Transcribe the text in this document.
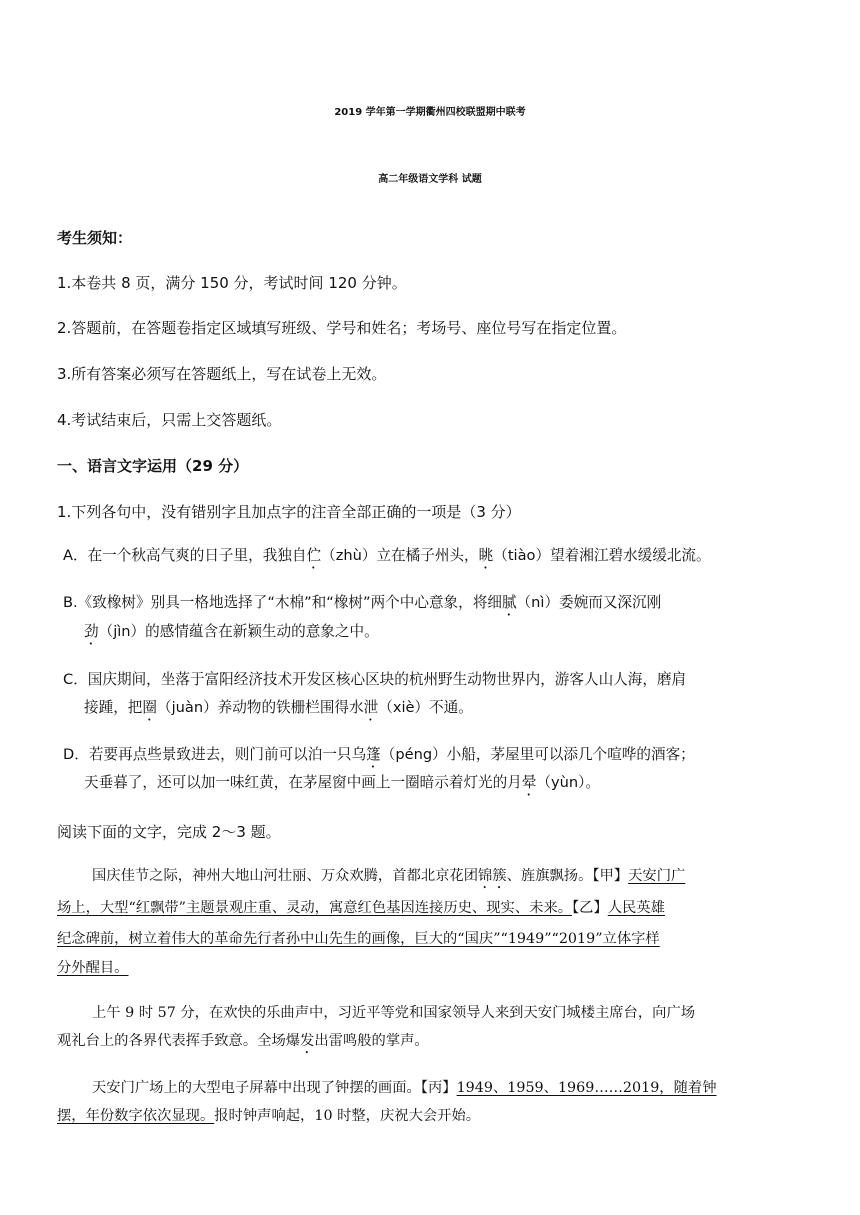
2019 学年第一学期衢州四校联盟期中联考
高二年级语文学科 试题
考生须知：
1.本卷共 8 页，满分 150 分，考试时间 120 分钟。
2.答题前，在答题卷指定区域填写班级、学号和姓名；考场号、座位号写在指定位置。
3.所有答案必须写在答题纸上，写在试卷上无效。
4.考试结束后，只需上交答题纸。
一、语言文字运用（29 分）
1.下列各句中，没有错别字且加点字的注音全部正确的一项是（3 分）
A．在一个秋高气爽的日子里，我独自伫（zhù）立在橘子州头，眺（tiào）望着湘江碧水缓缓北流。
B.《致橡树》别具一格地选择了“木棉”和“橡树”两个中心意象，将细腻（nì）委婉而又深沉刚
劲（jìn）的感情蕴含在新颖生动的意象之中。
C．国庆期间，坐落于富阳经济技术开发区核心区块的杭州野生动物世界内，游客人山人海，磨肩
接踵，把圈（juàn）养动物的铁栅栏围得水泄（xiè）不通。
D．若要再点些景致进去，则门前可以泊一只乌篷（péng）小船，茅屋里可以添几个喧哗的酒客；
天垂暮了，还可以加一味红黄，在茅屋窗中画上一圈暗示着灯光的月晕（yùn）。
阅读下面的文字，完成 2～3 题。
国庆佳节之际，神州大地山河壮丽、万众欢腾，首都北京花团锦簇、旌旗飘扬。【甲】天安门广
场上，大型“红飘带”主题景观庄重、灵动，寓意红色基因连接历史、现实、未来。【乙】人民英雄
纪念碑前，树立着伟大的革命先行者孙中山先生的画像，巨大的“国庆”“1949”“2019”立体字样
分外醒目。
上午 9 时 57 分，在欢快的乐曲声中，习近平等党和国家领导人来到天安门城楼主席台，向广场
观礼台上的各界代表挥手致意。全场爆发出雷鸣般的掌声。
天安门广场上的大型电子屏幕中出现了钟摆的画面。【丙】1949、1959、1969……2019，随着钟
摆，年份数字依次显现。报时钟声响起，10 时整，庆祝大会开始。
